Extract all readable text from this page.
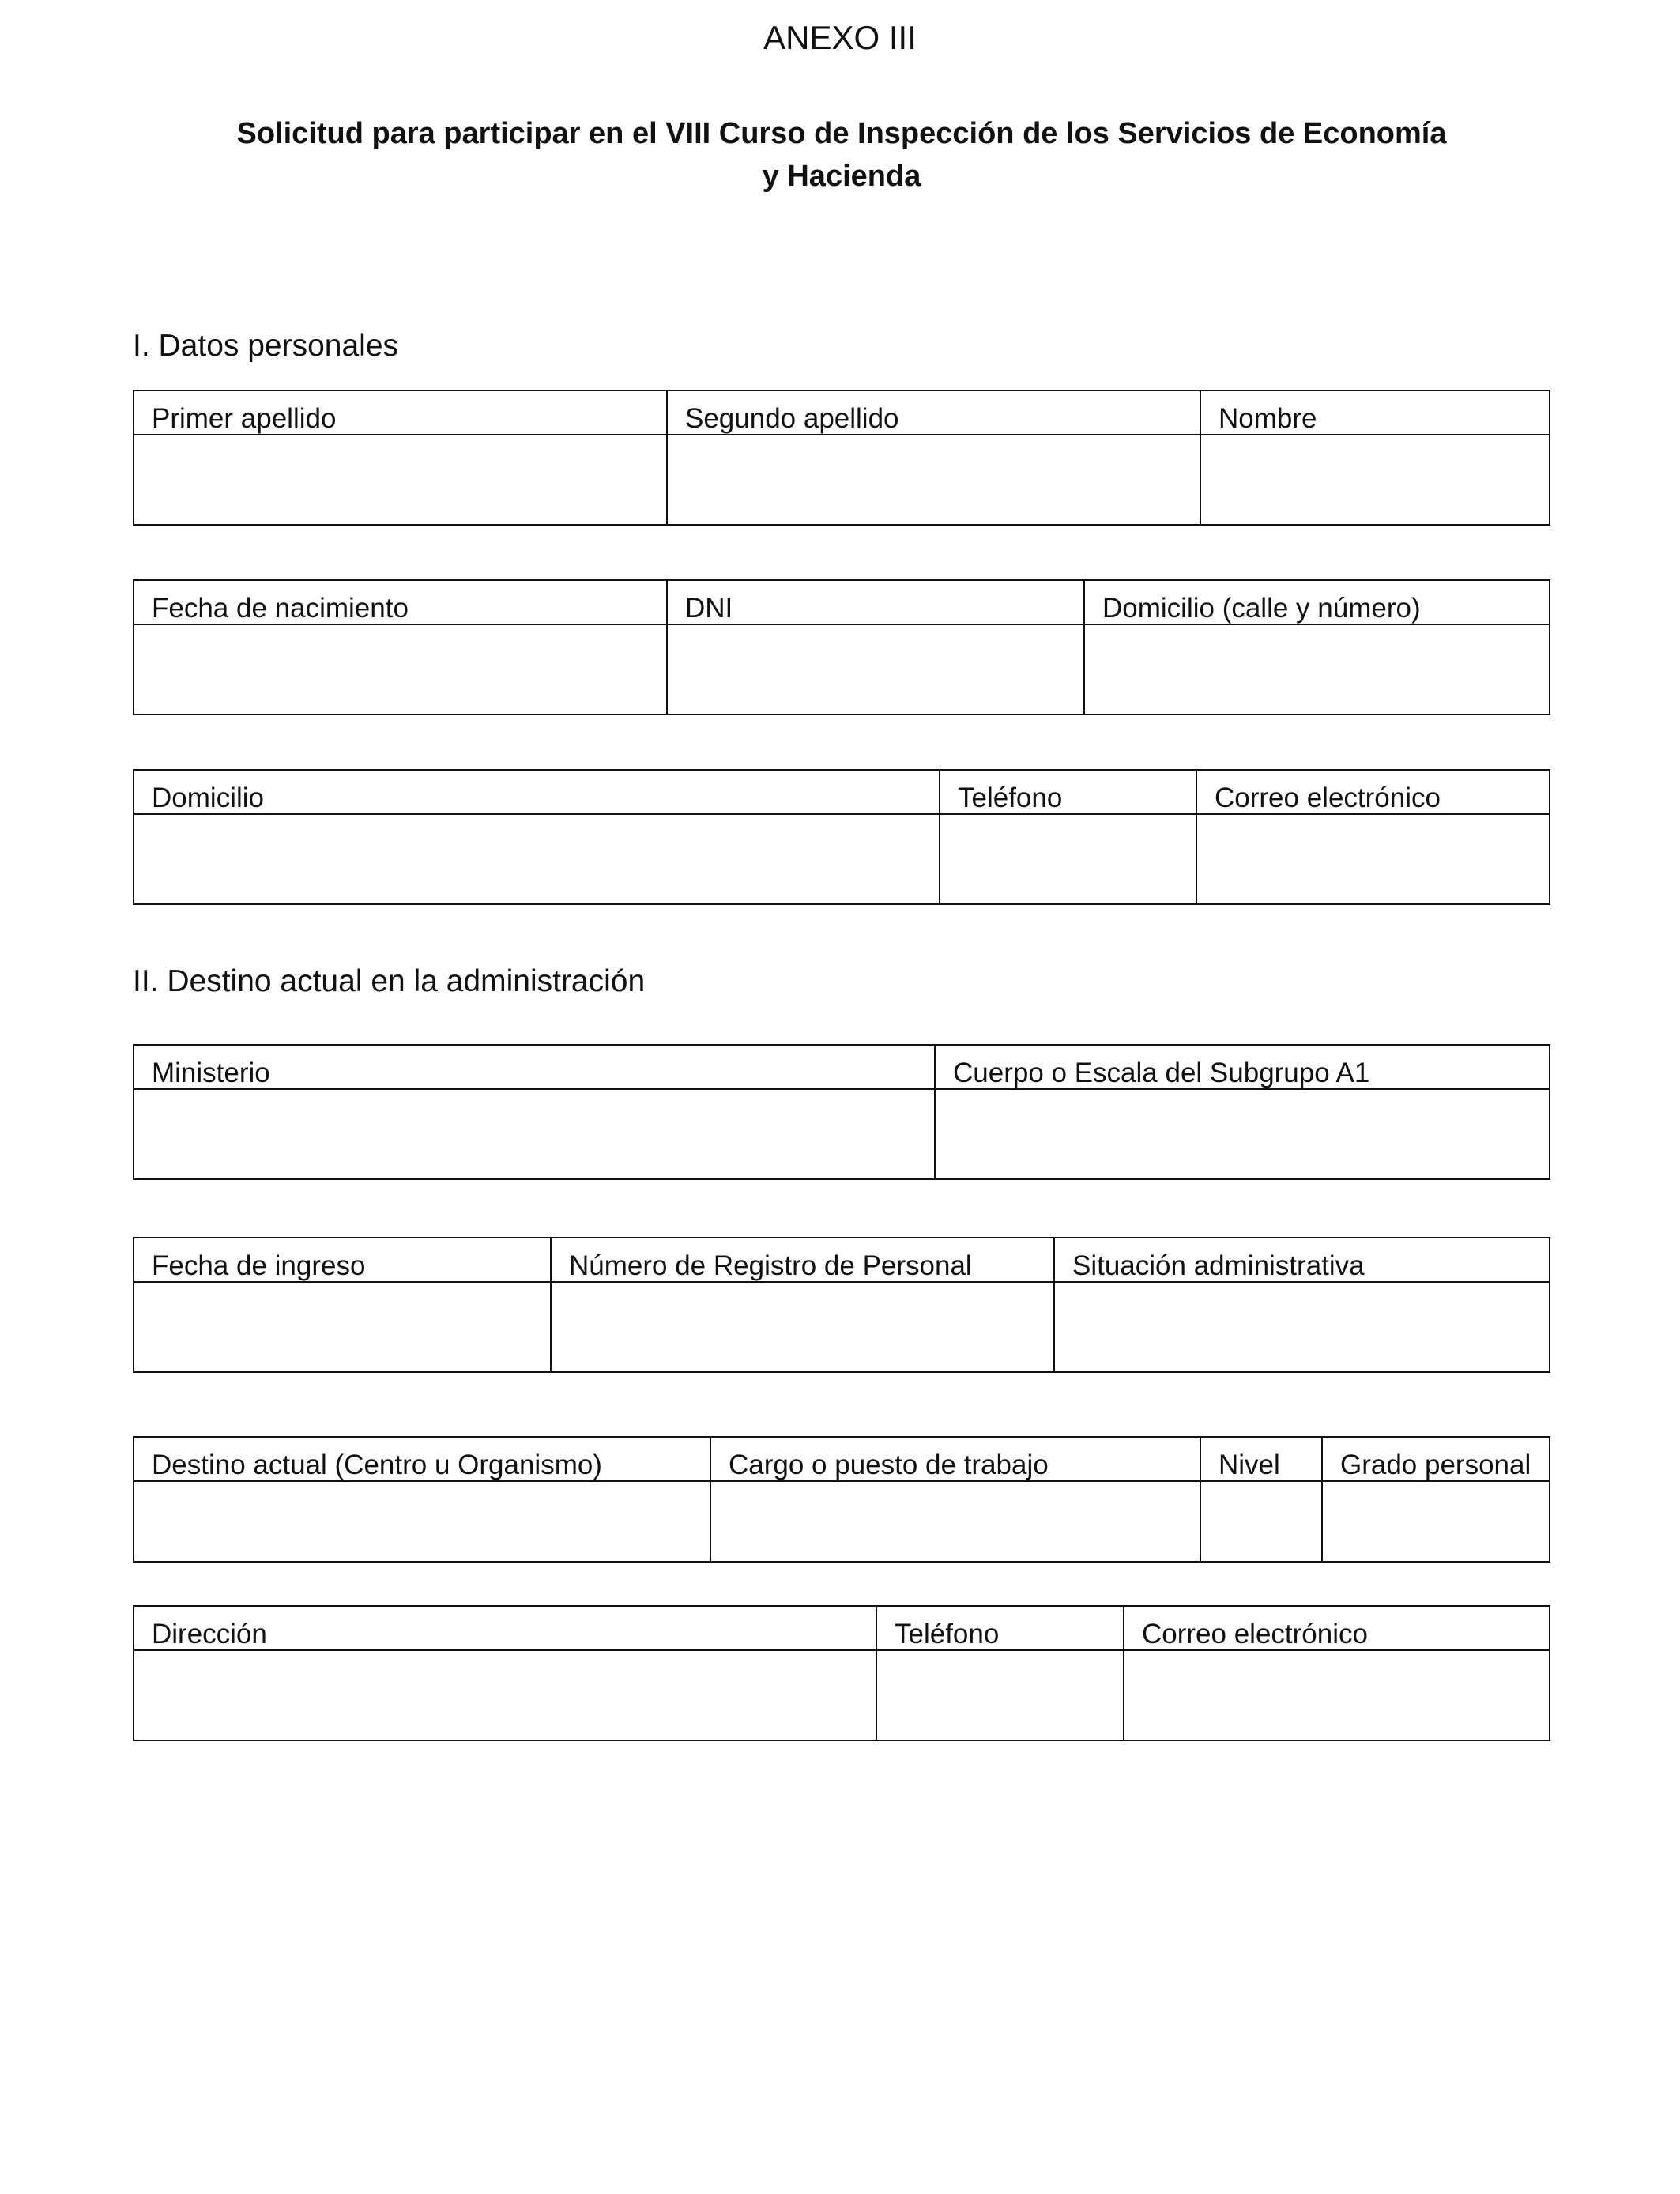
ANEXO III
Solicitud para participar en el VIII Curso de Inspección de los Servicios de Economía
y Hacienda
I. Datos personales
Primer apellido	Segundo apellido	Nombre

Fecha de nacimiento	DNI	Domicilio (calle y número)

Domicilio	Teléfono	Correo electrónico

II. Destino actual en la administración
Ministerio	Cuerpo o Escala del Subgrupo A1

Fecha de ingreso	Número de Registro de Personal	Situación administrativa

Destino actual (Centro u Organismo)	Cargo o puesto de trabajo	Nivel	Grado personal

Dirección	Teléfono	Correo electrónico
